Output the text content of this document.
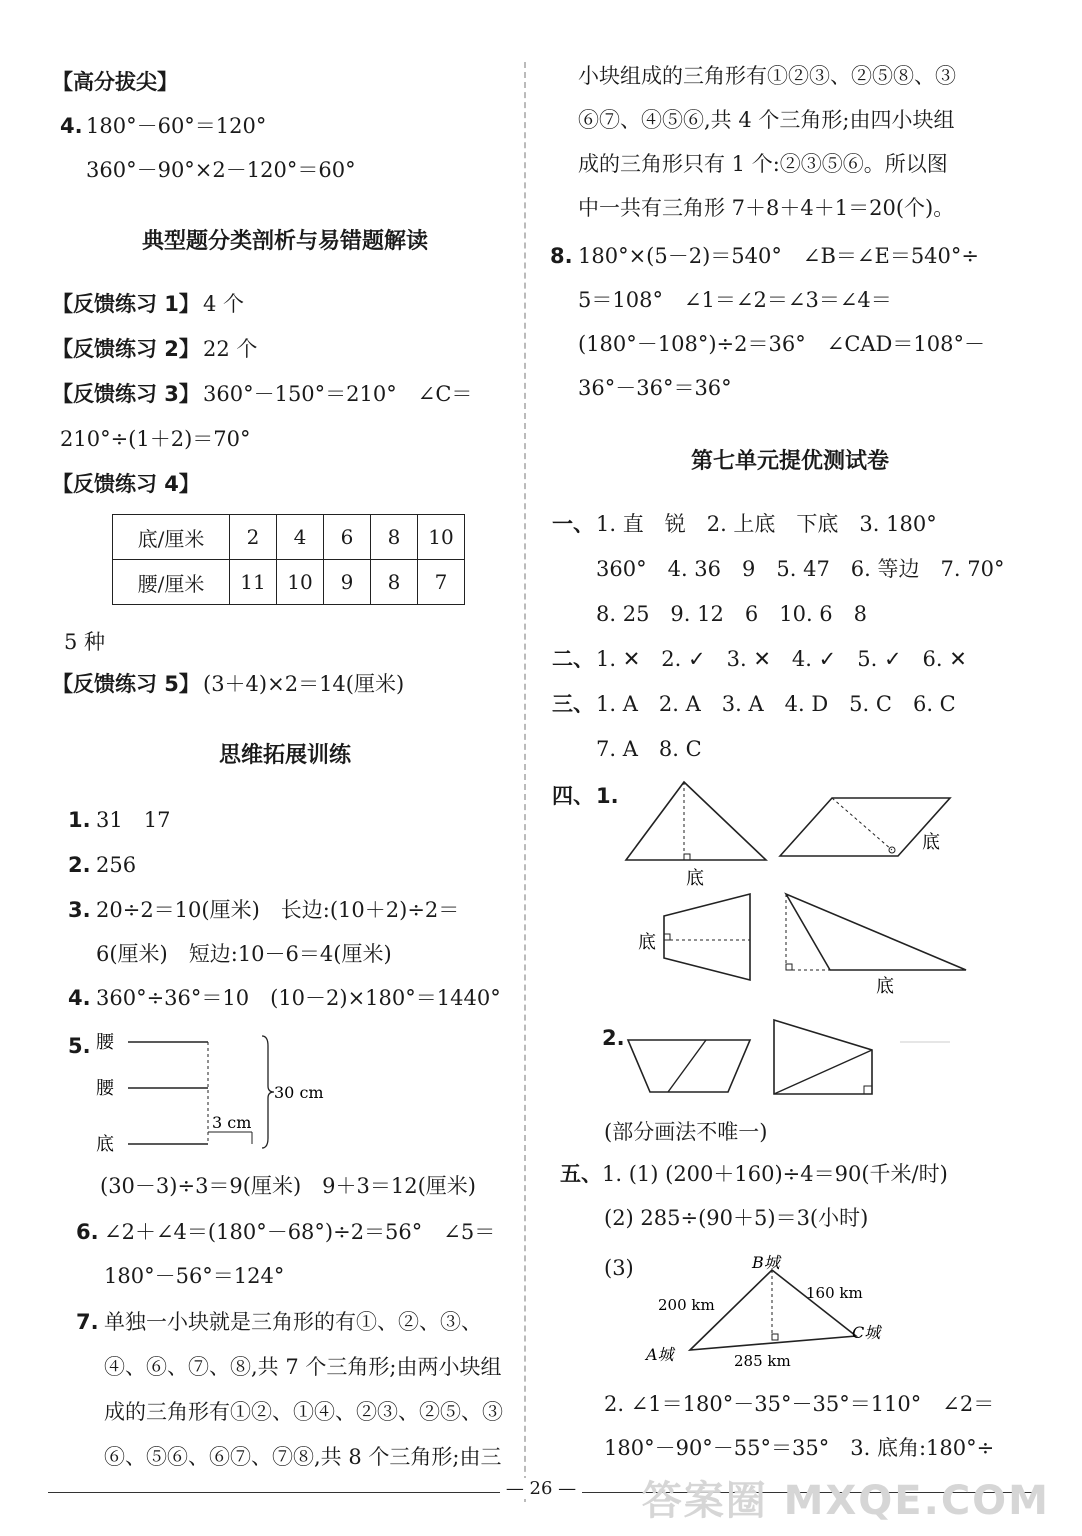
【高分拔尖】
4. 180°－60°＝120°
360°－90°×2－120°＝60°
典型题分类剖析与易错题解读
【反馈练习 1】 4 个
【反馈练习 2】 22 个
【反馈练习 3】 360°－150°＝210°　∠C＝
210°÷(1＋2)＝70°
【反馈练习 4】
底/厘米	2	4	6	8	10
腰/厘米	11	10	9	8	7
5 种
【反馈练习 5】 (3＋4)×2＝14(厘米)
思维拓展训练
1. 31　17
2. 256
3. 20÷2＝10(厘米)　长边:(10＋2)÷2＝
6(厘米)　短边:10－6＝4(厘米)
4. 360°÷36°＝10　(10－2)×180°＝1440°
5. 腰
腰
底
3 cm
30 cm
(30－3)÷3＝9(厘米)　9＋3＝12(厘米)
6. ∠2＋∠4＝(180°－68°)÷2＝56°　∠5＝
180°－56°＝124°
7. 单独一小块就是三角形的有①、②、③、
④、⑥、⑦、⑧,共 7 个三角形;由两小块组
成的三角形有①②、①④、②③、②⑤、③
⑥、⑤⑥、⑥⑦、⑦⑧,共 8 个三角形;由三
小块组成的三角形有①②③、②⑤⑧、③
⑥⑦、④⑤⑥,共 4 个三角形;由四小块组
成的三角形只有 1 个:②③⑤⑥。所以图
中一共有三角形 7＋8＋4＋1＝20(个)。
8. 180°×(5－2)＝540°　∠B＝∠E＝540°÷
5＝108°　∠1＝∠2＝∠3＝∠4＝
(180°－108°)÷2＝36°　∠CAD＝108°－
36°－36°＝36°
第七单元提优测试卷
一、 1. 直　锐　2. 上底　下底　3. 180°
360°　4. 36　9　5. 47　6. 等边　7. 70°
8. 25　9. 12　6　10. 6　8
二、 1. ✕　2. ✓　3. ✕　4. ✓　5. ✓　6. ✕
三、 1. A　2. A　3. A　4. D　5. C　6. C
7. A　8. C
四、 1.
底
底
底
底
2.
(部分画法不唯一)
五、 1. (1) (200＋160)÷4＝90(千米/时)
(2) 285÷(90＋5)＝3(小时)
(3)	B城
A城
C城
200 km
160 km
285 km
2. ∠1＝180°－35°－35°＝110°　∠2＝
180°－90°－55°＝35°　3. 底角:180°÷
— 26 —	答案圈 MXQE.COM
